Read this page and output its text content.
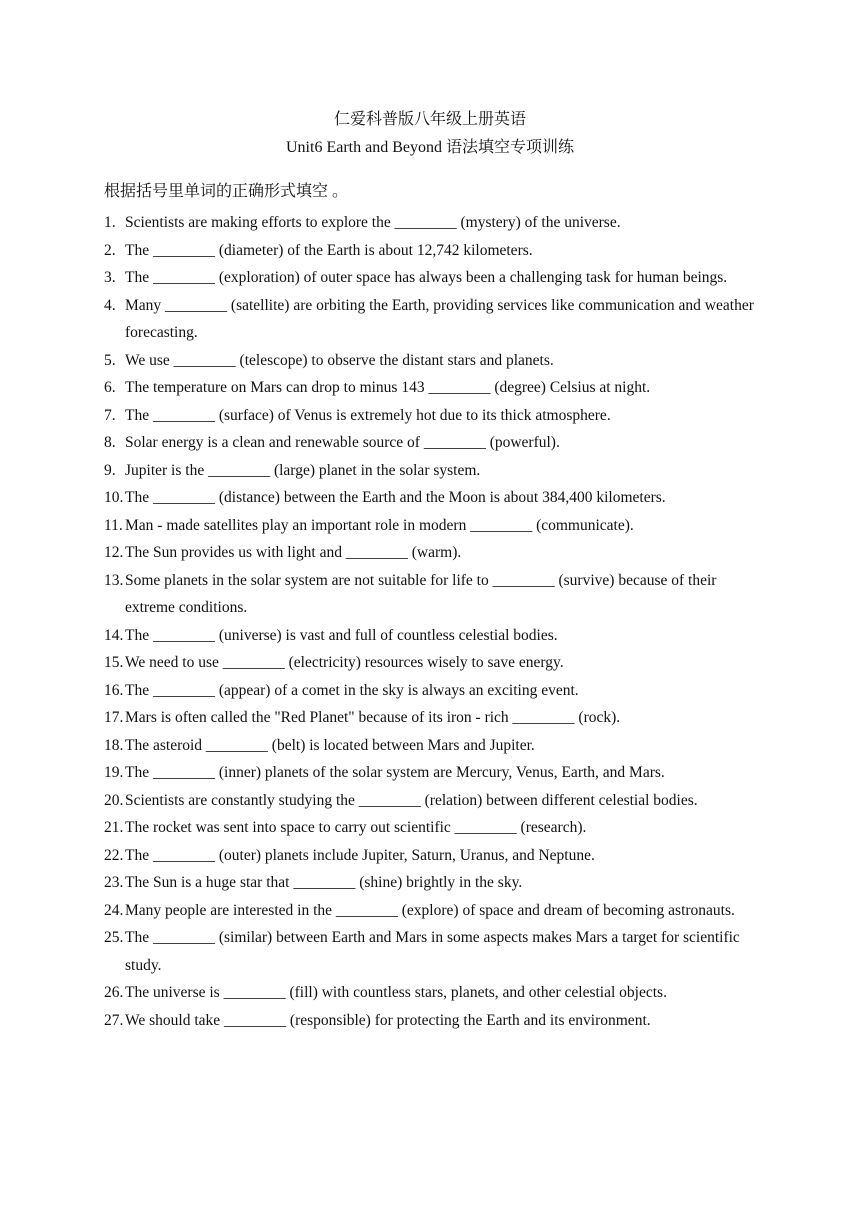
仁爱科普版八年级上册英语
Unit6 Earth and Beyond 语法填空专项训练
根据括号里单词的正确形式填空 。
1. Scientists are making efforts to explore the ________ (mystery) of the universe.
2. The ________ (diameter) of the Earth is about 12,742 kilometers.
3. The ________ (exploration) of outer space has always been a challenging task for human beings.
4. Many ________ (satellite) are orbiting the Earth, providing services like communication and weather forecasting.
5. We use ________ (telescope) to observe the distant stars and planets.
6. The temperature on Mars can drop to minus 143 ________ (degree) Celsius at night.
7. The ________ (surface) of Venus is extremely hot due to its thick atmosphere.
8. Solar energy is a clean and renewable source of ________ (powerful).
9. Jupiter is the ________ (large) planet in the solar system.
10. The ________ (distance) between the Earth and the Moon is about 384,400 kilometers.
11. Man - made satellites play an important role in modern ________ (communicate).
12. The Sun provides us with light and ________ (warm).
13. Some planets in the solar system are not suitable for life to ________ (survive) because of their extreme conditions.
14. The ________ (universe) is vast and full of countless celestial bodies.
15. We need to use ________ (electricity) resources wisely to save energy.
16. The ________ (appear) of a comet in the sky is always an exciting event.
17. Mars is often called the "Red Planet" because of its iron - rich ________ (rock).
18. The asteroid ________ (belt) is located between Mars and Jupiter.
19. The ________ (inner) planets of the solar system are Mercury, Venus, Earth, and Mars.
20. Scientists are constantly studying the ________ (relation) between different celestial bodies.
21. The rocket was sent into space to carry out scientific ________ (research).
22. The ________ (outer) planets include Jupiter, Saturn, Uranus, and Neptune.
23. The Sun is a huge star that ________ (shine) brightly in the sky.
24. Many people are interested in the ________ (explore) of space and dream of becoming astronauts.
25. The ________ (similar) between Earth and Mars in some aspects makes Mars a target for scientific study.
26. The universe is ________ (fill) with countless stars, planets, and other celestial objects.
27. We should take ________ (responsible) for protecting the Earth and its environment.
